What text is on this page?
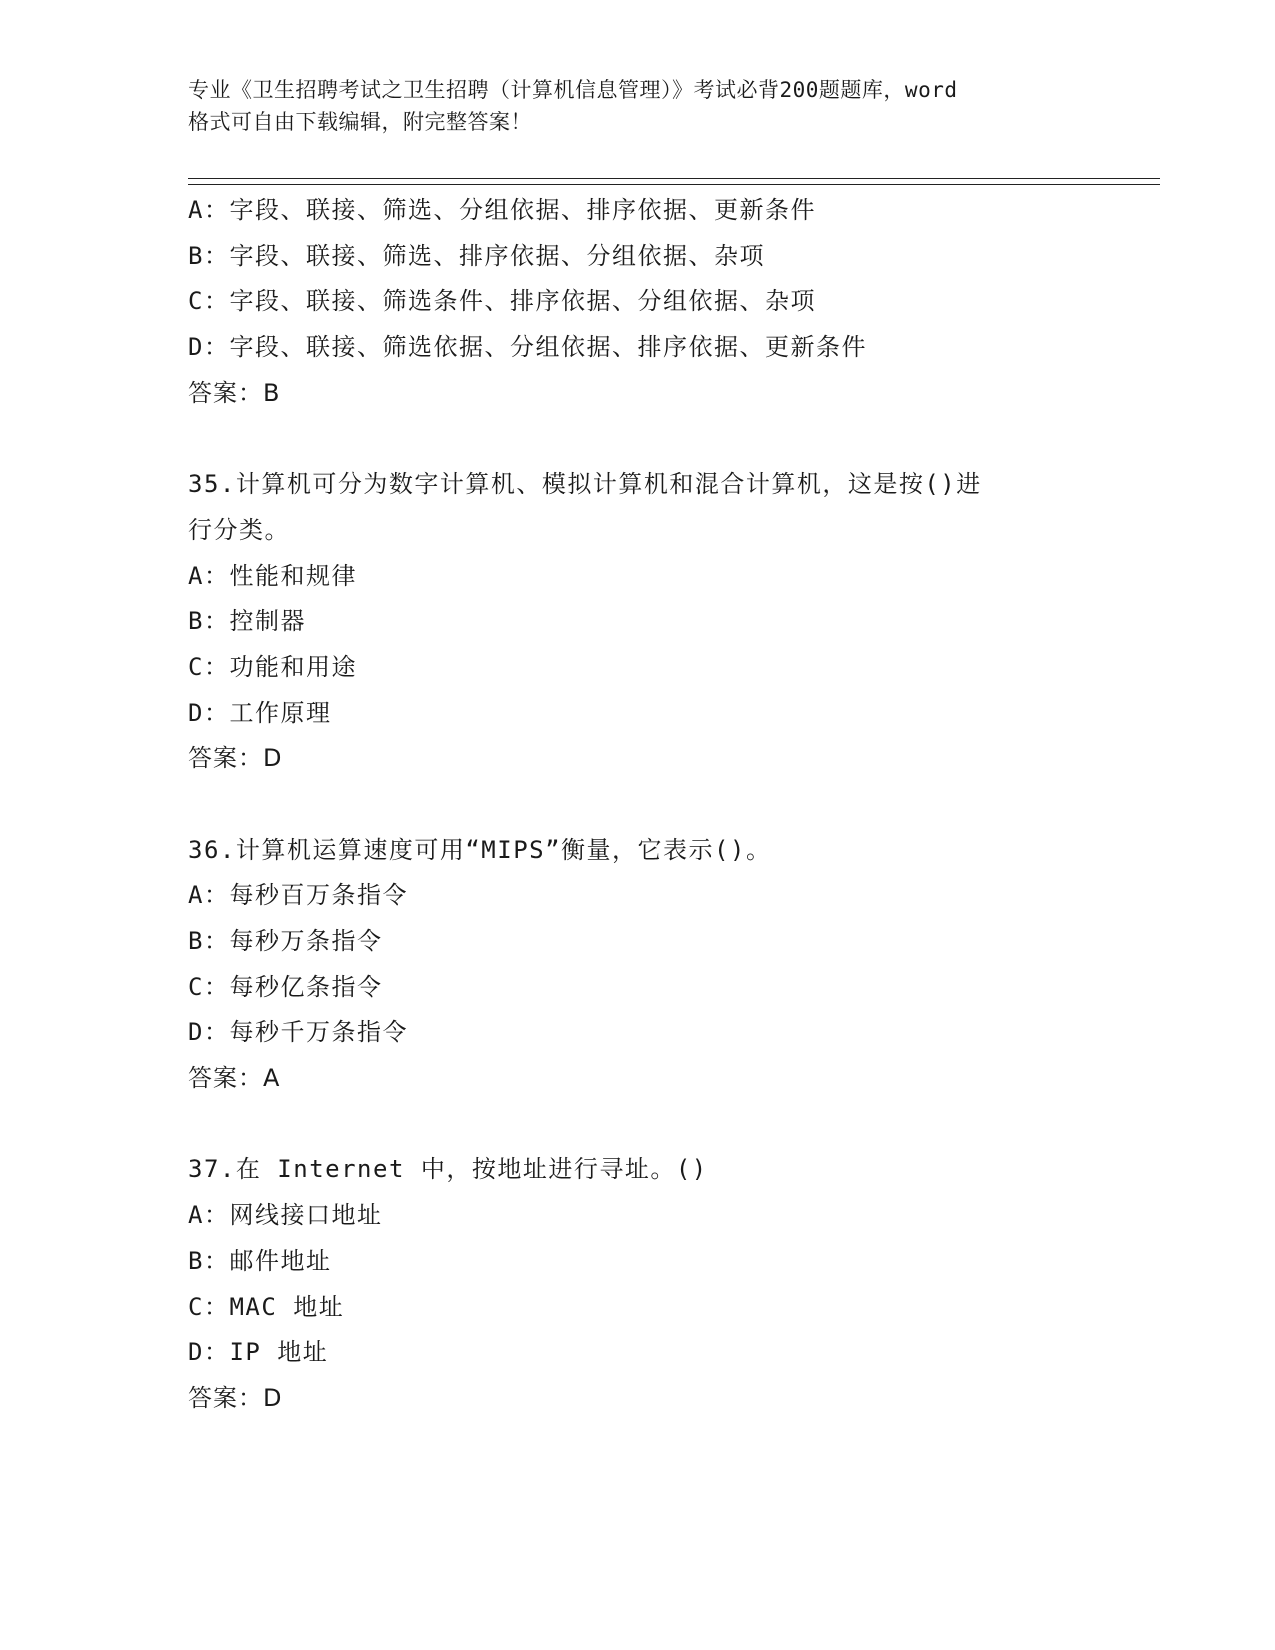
专业《卫生招聘考试之卫生招聘（计算机信息管理）》考试必背200题题库，word
格式可自由下载编辑，附完整答案！
A：字段、联接、筛选、分组依据、排序依据、更新条件
B：字段、联接、筛选、排序依据、分组依据、杂项
C：字段、联接、筛选条件、排序依据、分组依据、杂项
D：字段、联接、筛选依据、分组依据、排序依据、更新条件
答案：B
35.计算机可分为数字计算机、模拟计算机和混合计算机，这是按()进
行分类。
A：性能和规律
B：控制器
C：功能和用途
D：工作原理
答案：D
36.计算机运算速度可用“MIPS”衡量，它表示()。
A：每秒百万条指令
B：每秒万条指令
C：每秒亿条指令
D：每秒千万条指令
答案：A
37.在 Internet 中，按地址进行寻址。()
A：网线接口地址
B：邮件地址
C：MAC 地址
D：IP 地址
答案：D
